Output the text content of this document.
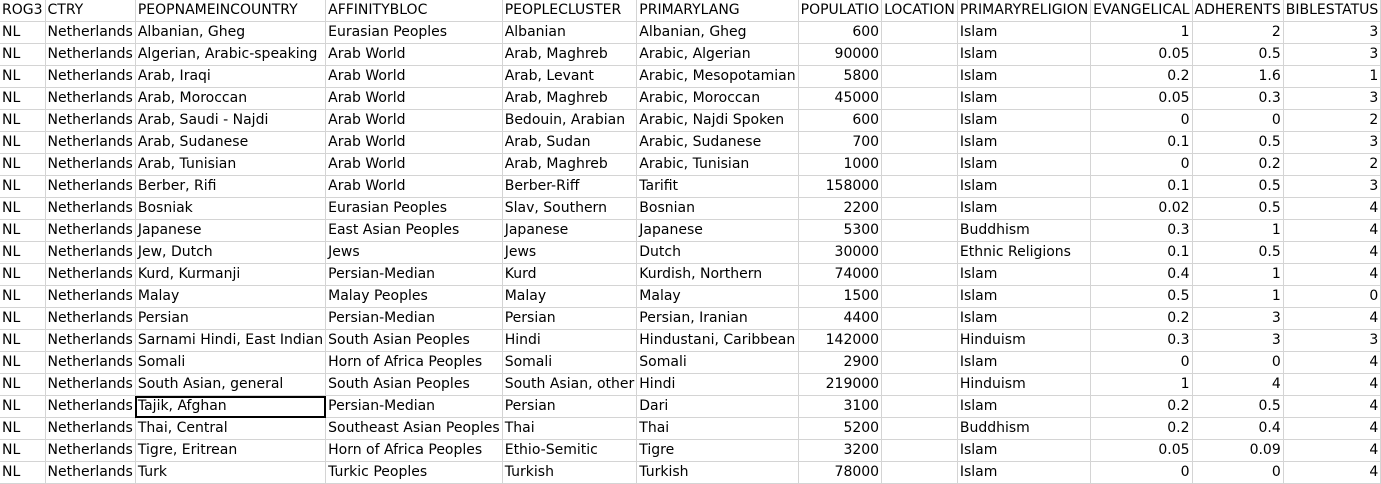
ROG3	CTRY	PEOPNAMEINCOUNTRY	AFFINITYBLOC	PEOPLECLUSTER	PRIMARYLANG	POPULATIO	LOCATION	PRIMARYRELIGION	EVANGELICAL	ADHERENTS	BIBLESTATUS
NL	Netherlands	Albanian, Gheg	Eurasian Peoples	Albanian	Albanian, Gheg	600		Islam	1	2	3
NL	Netherlands	Algerian, Arabic-speaking	Arab World	Arab, Maghreb	Arabic, Algerian	90000		Islam	0.05	0.5	3
NL	Netherlands	Arab, Iraqi	Arab World	Arab, Levant	Arabic, Mesopotamian	5800		Islam	0.2	1.6	1
NL	Netherlands	Arab, Moroccan	Arab World	Arab, Maghreb	Arabic, Moroccan	45000		Islam	0.05	0.3	3
NL	Netherlands	Arab, Saudi - Najdi	Arab World	Bedouin, Arabian	Arabic, Najdi Spoken	600		Islam	0	0	2
NL	Netherlands	Arab, Sudanese	Arab World	Arab, Sudan	Arabic, Sudanese	700		Islam	0.1	0.5	3
NL	Netherlands	Arab, Tunisian	Arab World	Arab, Maghreb	Arabic, Tunisian	1000		Islam	0	0.2	2
NL	Netherlands	Berber, Rifi	Arab World	Berber-Riff	Tarifit	158000		Islam	0.1	0.5	3
NL	Netherlands	Bosniak	Eurasian Peoples	Slav, Southern	Bosnian	2200		Islam	0.02	0.5	4
NL	Netherlands	Japanese	East Asian Peoples	Japanese	Japanese	5300		Buddhism	0.3	1	4
NL	Netherlands	Jew, Dutch	Jews	Jews	Dutch	30000		Ethnic Religions	0.1	0.5	4
NL	Netherlands	Kurd, Kurmanji	Persian-Median	Kurd	Kurdish, Northern	74000		Islam	0.4	1	4
NL	Netherlands	Malay	Malay Peoples	Malay	Malay	1500		Islam	0.5	1	0
NL	Netherlands	Persian	Persian-Median	Persian	Persian, Iranian	4400		Islam	0.2	3	4
NL	Netherlands	Sarnami Hindi, East Indian	South Asian Peoples	Hindi	Hindustani, Caribbean	142000		Hinduism	0.3	3	3
NL	Netherlands	Somali	Horn of Africa Peoples	Somali	Somali	2900		Islam	0	0	4
NL	Netherlands	South Asian, general	South Asian Peoples	South Asian, other	Hindi	219000		Hinduism	1	4	4
NL	Netherlands	Tajik, Afghan	Persian-Median	Persian	Dari	3100		Islam	0.2	0.5	4
NL	Netherlands	Thai, Central	Southeast Asian Peoples	Thai	Thai	5200		Buddhism	0.2	0.4	4
NL	Netherlands	Tigre, Eritrean	Horn of Africa Peoples	Ethio-Semitic	Tigre	3200		Islam	0.05	0.09	4
NL	Netherlands	Turk	Turkic Peoples	Turkish	Turkish	78000		Islam	0	0	4
